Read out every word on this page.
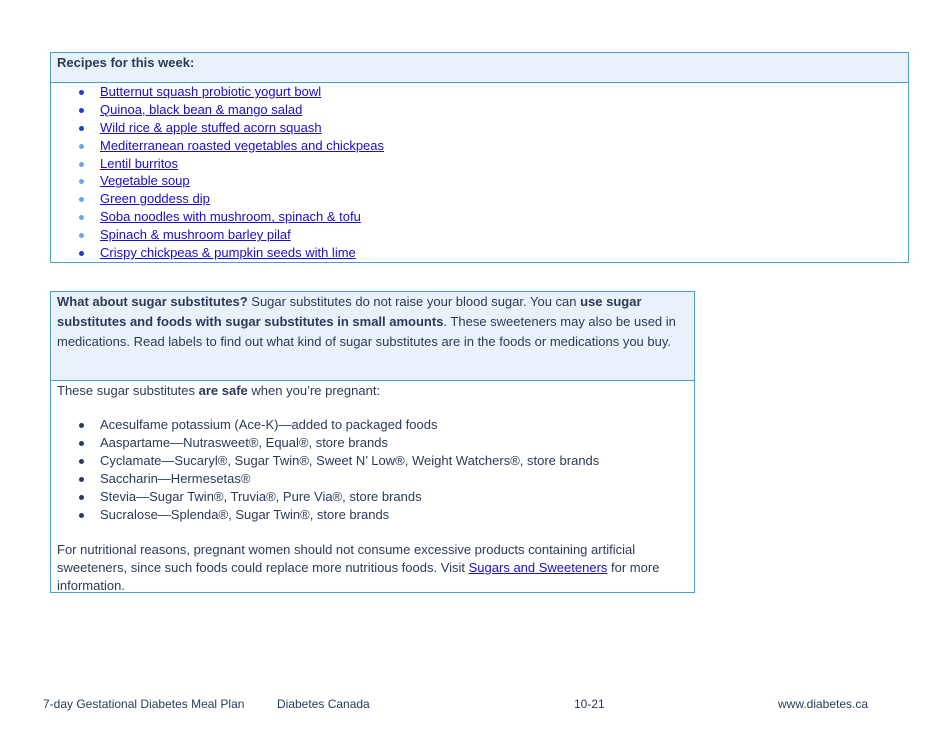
Recipes for this week:
Butternut squash probiotic yogurt bowl
Quinoa, black bean & mango salad
Wild rice & apple stuffed acorn squash
Mediterranean roasted vegetables and chickpeas
Lentil burritos
Vegetable soup
Green goddess dip
Soba noodles with mushroom, spinach & tofu
Spinach & mushroom barley pilaf
Crispy chickpeas & pumpkin seeds with lime
What about sugar substitutes? Sugar substitutes do not raise your blood sugar. You can use sugar substitutes and foods with sugar substitutes in small amounts. These sweeteners may also be used in medications. Read labels to find out what kind of sugar substitutes are in the foods or medications you buy.

These sugar substitutes are safe when you’re pregnant:

Acesulfame potassium (Ace-K)—added to packaged foods
Aaspartame—Nutrasweet®, Equal®, store brands
Cyclamate—Sucaryl®, Sugar Twin®, Sweet N’ Low®, Weight Watchers®, store brands
Saccharin—Hermesetas®
Stevia—Sugar Twin®, Truvia®, Pure Via®, store brands
Sucralose—Splenda®, Sugar Twin®, store brands

For nutritional reasons, pregnant women should not consume excessive products containing artificial sweeteners, since such foods could replace more nutritious foods. Visit Sugars and Sweeteners for more information.

7-day Gestational Diabetes Meal Plan	Diabetes Canada	10-21	www.diabetes.ca
